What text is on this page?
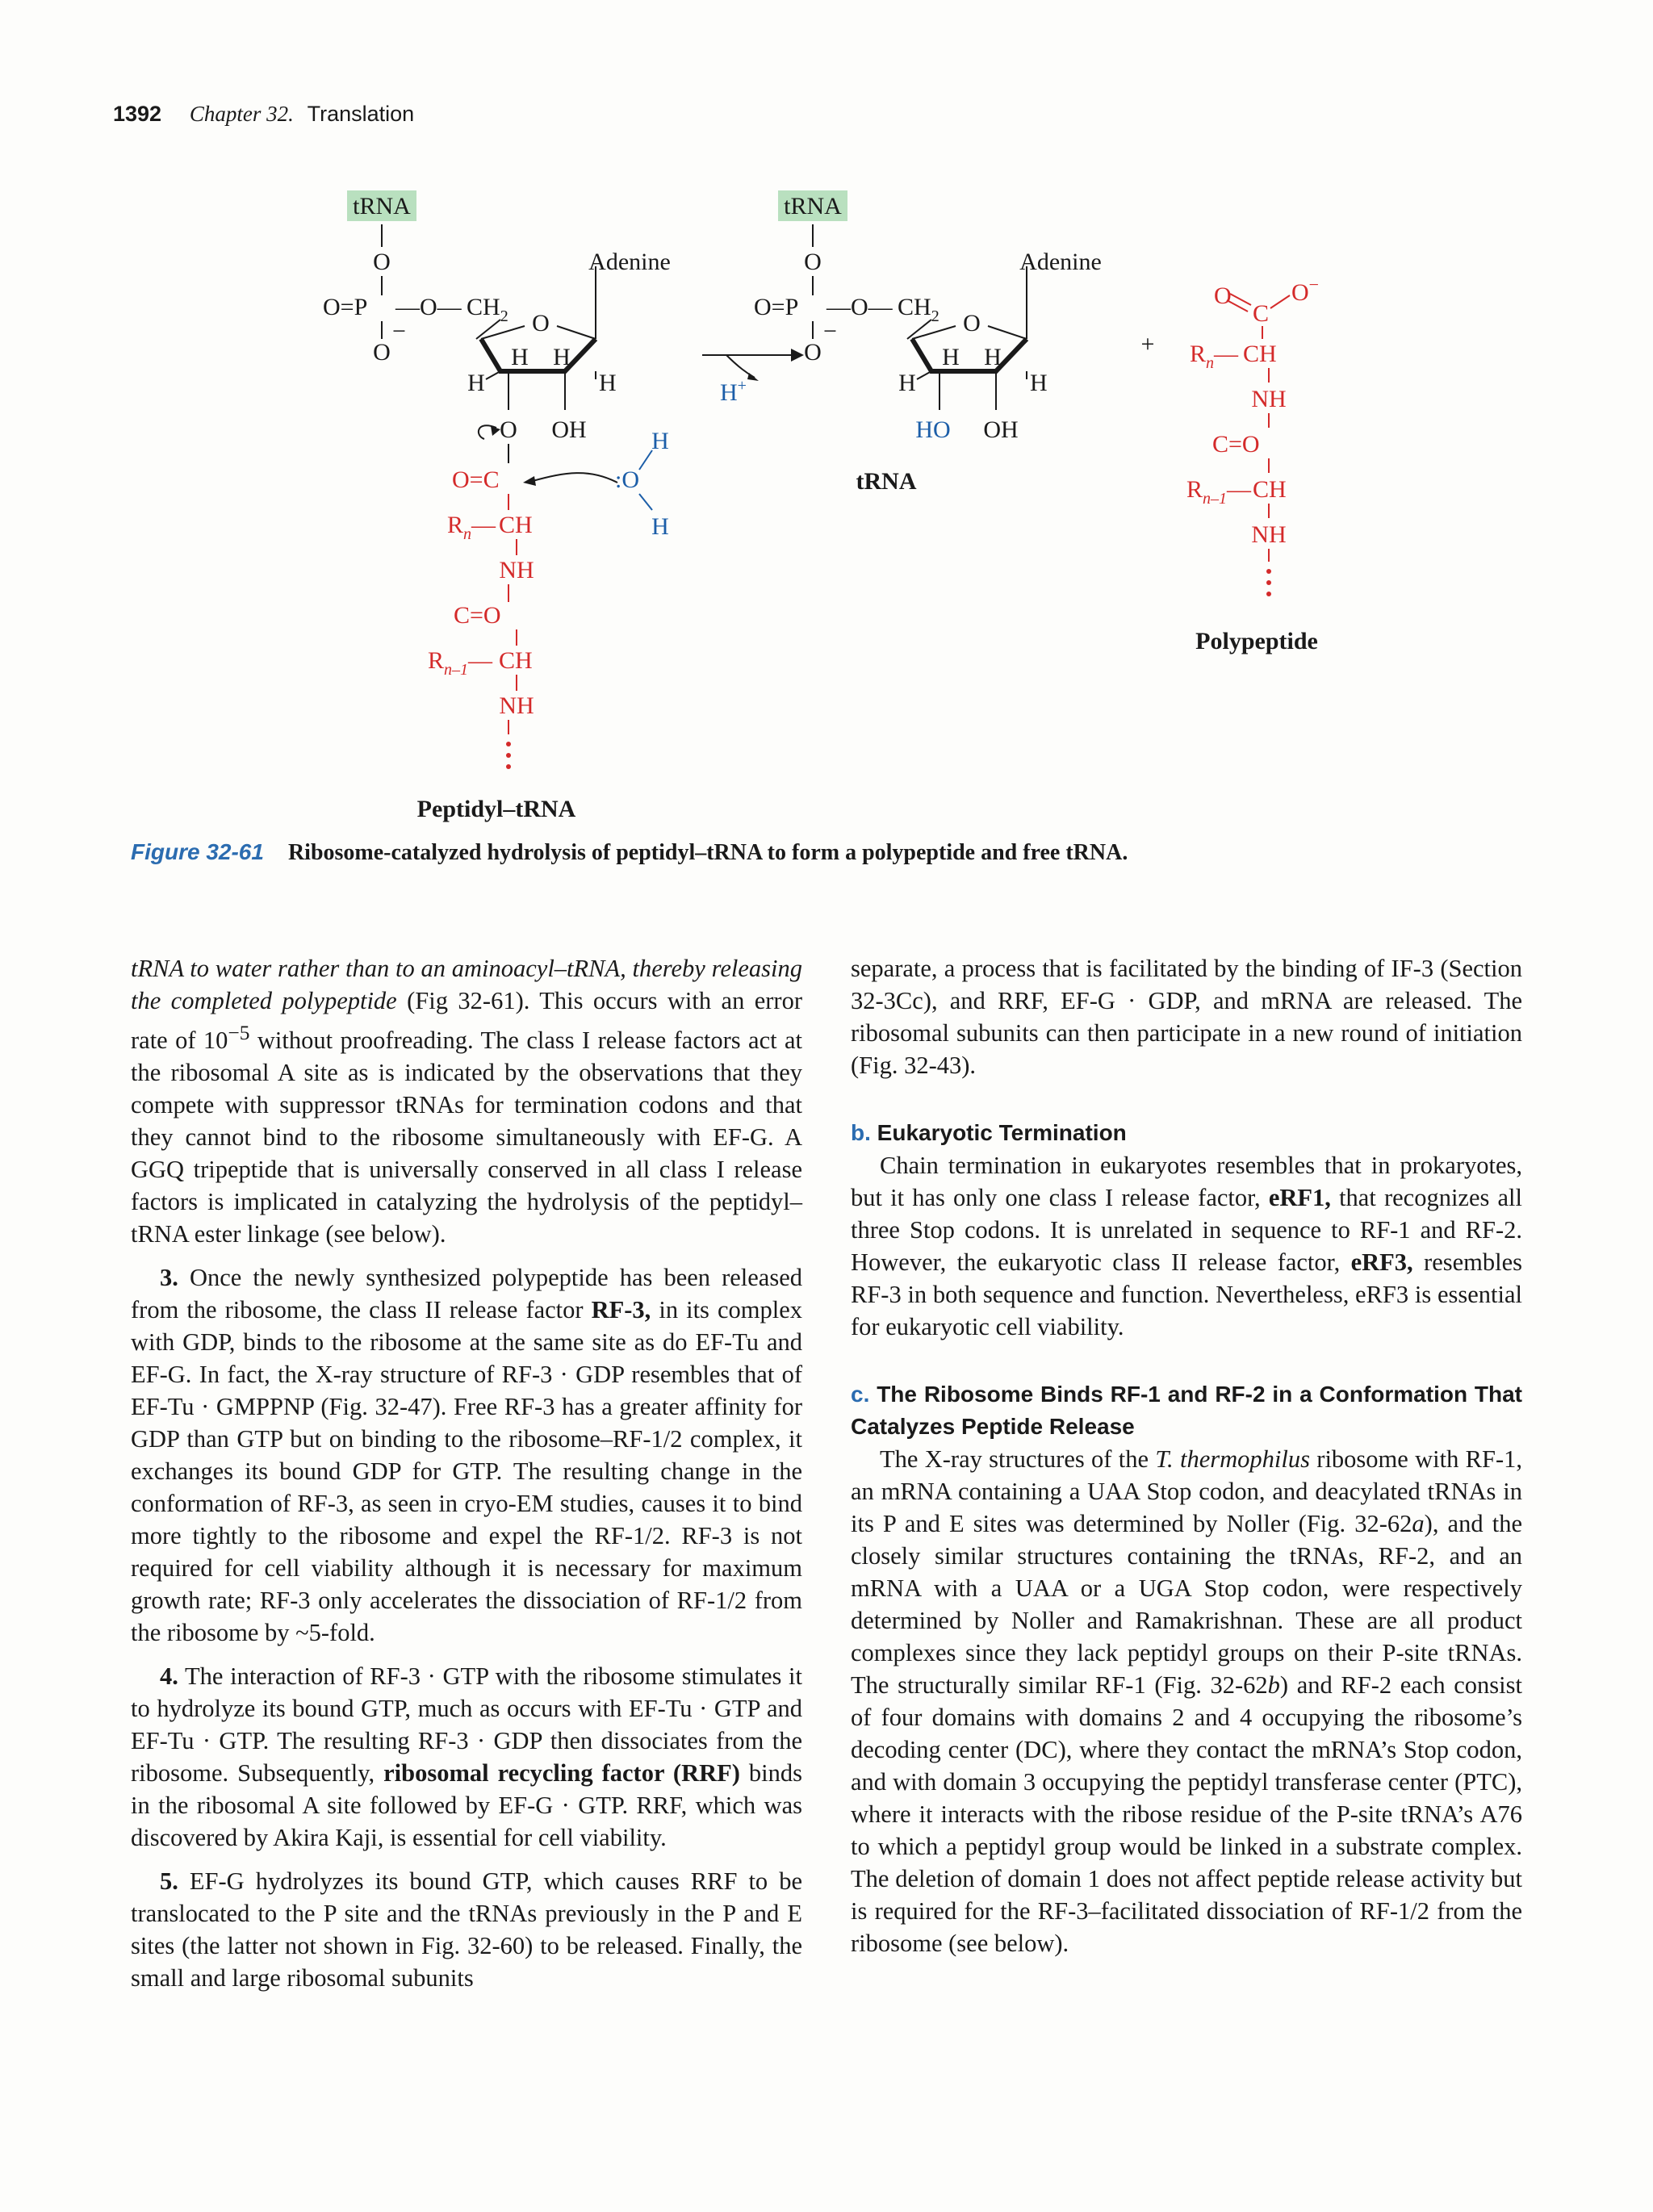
1392 Chapter 32. Translation
tRNA
O
O=P —O— $CH_2$
−
O
O
Adenine
H H
H	H
OH
O
O=C	:O
H
H
$R_n—$ CH
NH
C=O
$R_{n-1}—$ CH
NH
Peptidyl–tRNA
H+
tRNA
O
O=P —O— $CH_2$
−
O
O
Adenine
H H
H	H
HO OH
tRNA
+
O
C
O−
$R_n—$ CH
NH
C=O
$R_{n-1}—$ CH
NH
Polypeptide
Figure 32-61 Ribosome-catalyzed hydrolysis of peptidyl–tRNA to form a polypeptide and free tRNA.

tRNA to water rather than to an aminoacyl–tRNA, thereby releasing the completed polypeptide (Fig 32-61). This occurs with an error rate of $10^{-5}$ without proofreading. The class I release factors act at the ribosomal A site as is indicated by the observations that they compete with suppressor tRNAs for termination codons and that they cannot bind to the ribosome simultaneously with EF-G. A GGQ tripeptide that is universally conserved in all class I release factors is implicated in catalyzing the hydrolysis of the peptidyl–tRNA ester linkage (see below).

3. Once the newly synthesized polypeptide has been released from the ribosome, the class II release factor RF-3, in its complex with GDP, binds to the ribosome at the same site as do EF-Tu and EF-G. In fact, the X-ray structure of RF-3 · GDP resembles that of EF-Tu · GMPPNP (Fig. 32-47). Free RF-3 has a greater affinity for GDP than GTP but on binding to the ribosome–RF-1/2 complex, it exchanges its bound GDP for GTP. The resulting change in the conformation of RF-3, as seen in cryo-EM studies, causes it to bind more tightly to the ribosome and expel the RF-1/2. RF-3 is not required for cell viability although it is necessary for maximum growth rate; RF-3 only accelerates the dissociation of RF-1/2 from the ribosome by ~5-fold.

4. The interaction of RF-3 · GTP with the ribosome stimulates it to hydrolyze its bound GTP, much as occurs with EF-Tu · GTP and EF-Tu · GTP. The resulting RF-3 · GDP then dissociates from the ribosome. Subsequently, ribosomal recycling factor (RRF) binds in the ribosomal A site followed by EF-G · GTP. RRF, which was discovered by Akira Kaji, is essential for cell viability.

5. EF-G hydrolyzes its bound GTP, which causes RRF to be translocated to the P site and the tRNAs previously in the P and E sites (the latter not shown in Fig. 32-60) to be released. Finally, the small and large ribosomal subunits

separate, a process that is facilitated by the binding of IF-3 (Section 32-3Cc), and RRF, EF-G · GDP, and mRNA are released. The ribosomal subunits can then participate in a new round of initiation (Fig. 32-43).

b. Eukaryotic Termination

Chain termination in eukaryotes resembles that in prokaryotes, but it has only one class I release factor, eRF1, that recognizes all three Stop codons. It is unrelated in sequence to RF-1 and RF-2. However, the eukaryotic class II release factor, eRF3, resembles RF-3 in both sequence and function. Nevertheless, eRF3 is essential for eukaryotic cell viability.

c. The Ribosome Binds RF-1 and RF-2 in a Conformation That Catalyzes Peptide Release

The X-ray structures of the T. thermophilus ribosome with RF-1, an mRNA containing a UAA Stop codon, and deacylated tRNAs in its P and E sites was determined by Noller (Fig. 32-62a), and the closely similar structures containing the tRNAs, RF-2, and an mRNA with a UAA or a UGA Stop codon, were respectively determined by Noller and Ramakrishnan. These are all product complexes since they lack peptidyl groups on their P-site tRNAs. The structurally similar RF-1 (Fig. 32-62b) and RF-2 each consist of four domains with domains 2 and 4 occupying the ribosome’s decoding center (DC), where they contact the mRNA’s Stop codon, and with domain 3 occupying the peptidyl transferase center (PTC), where it interacts with the ribose residue of the P-site tRNA’s A76 to which a peptidyl group would be linked in a substrate complex. The deletion of domain 1 does not affect peptide release activity but is required for the RF-3–facilitated dissociation of RF-1/2 from the ribosome (see below).
